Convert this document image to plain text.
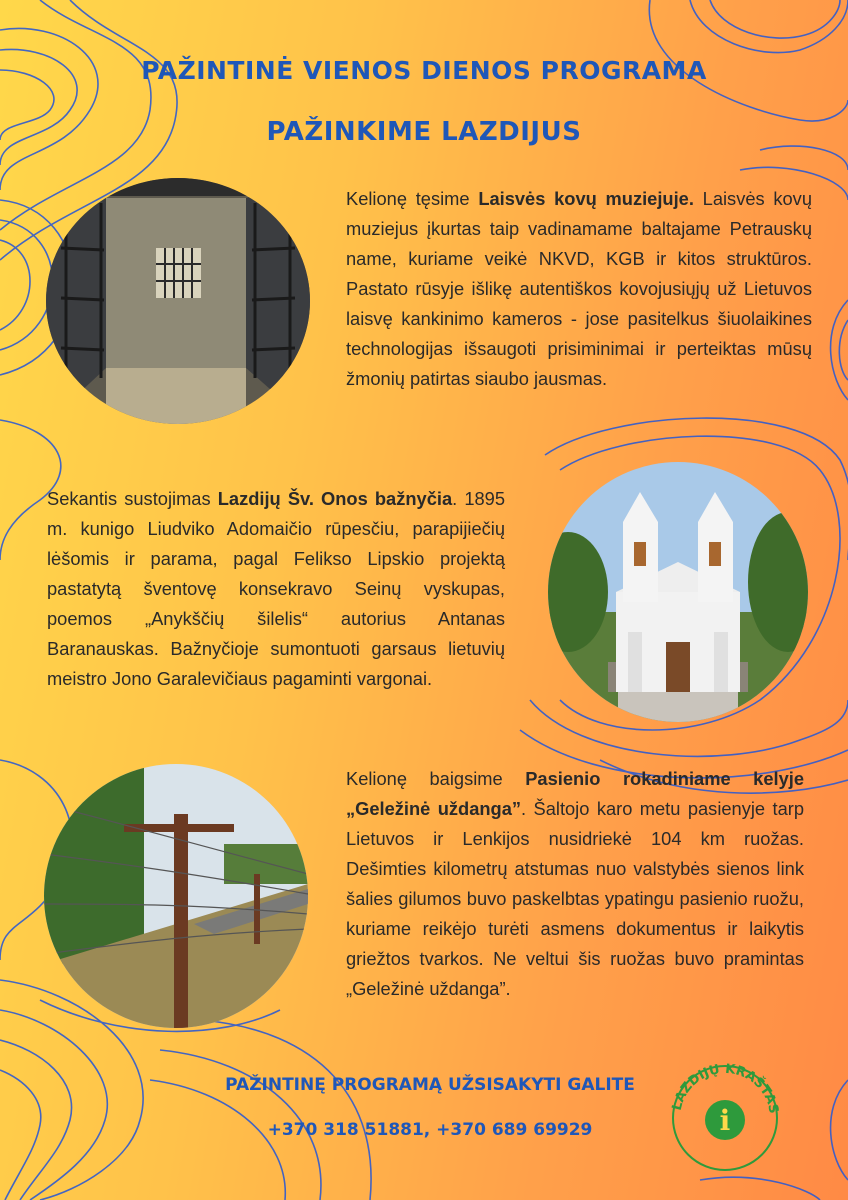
PAŽINTINĖ VIENOS DIENOS PROGRAMA
PAŽINKIME LAZDIJUS

Kelionę tęsime Laisvės kovų muziejuje. Laisvės kovų muziejus įkurtas taip vadinamame baltajame Petrauskų name, kuriame veikė NKVD, KGB ir kitos struktūros. Pastato rūsyje išlikę autentiškos kovojusiųjų už Lietuvos laisvę kankinimo kameros - jose pasitelkus šiuolaikines technologijas išsaugoti prisiminimai ir perteiktas mūsų žmonių patirtas siaubo jausmas.

Sekantis sustojimas Lazdijų Šv. Onos bažnyčia. 1895 m. kunigo Liudviko Adomaičio rūpesčiu, parapijiečių lėšomis ir parama, pagal Felikso Lipskio projektą pastatytą šventovę konsekravo Seinų vyskupas, poemos „Anykščių šilelis“ autorius Antanas Baranauskas. Bažnyčioje sumontuoti garsaus lietuvių meistro Jono Garalevičiaus pagaminti vargonai.

Kelionę baigsime Pasienio rokadiniame kelyje „Geležinė uždanga”. Šaltojo karo metu pasienyje tarp Lietuvos ir Lenkijos nusidriekė 104 km ruožas. Dešimties kilometrų atstumas nuo valstybės sienos link šalies gilumos buvo paskelbtas ypatingu pasienio ruožu, kuriame reikėjo turėti asmens dokumentus ir laikytis griežtos tvarkos. Ne veltui šis ruožas buvo pramintas „Geležinė uždanga”.

PAŽINTINĘ PROGRAMĄ UŽSISAKYTI GALITE

+370 318 51881, +370 689 69929	i
LAZDIJŲ KRAŠTAS
